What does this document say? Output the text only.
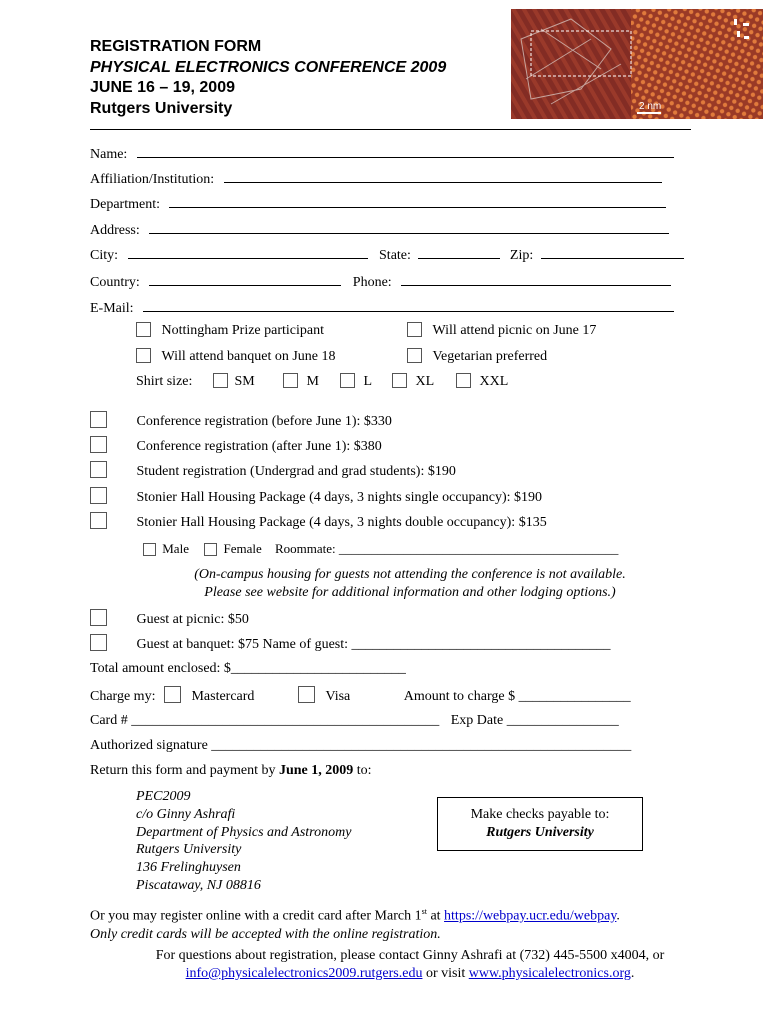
REGISTRATION FORM
PHYSICAL ELECTRONICS CONFERENCE 2009
JUNE 16 – 19, 2009
Rutgers University	2 nm
Name:
Affiliation/Institution:
Department:
Address:
City:	State:	Zip:
Country:	Phone:
E-Mail:
Nottingham Prize participant	Will attend picnic on June 17
Will attend banquet on June 18	Vegetarian preferred
Shirt size:	SM	M	L	XL	XXL
Conference registration (before June 1): $330
Conference registration (after June 1): $380
Student registration (Undergrad and grad students): $190
Stonier Hall Housing Package (4 days, 3 nights single occupancy): $190
Stonier Hall Housing Package (4 days, 3 nights double occupancy): $135
Male	Female Roommate: ___________________________________________
(On-campus housing for guests not attending the conference is not available.
Please see website for additional information and other lodging options.)
Guest at picnic: $50
Guest at banquet: $75 Name of guest: _____________________________________
Total amount enclosed: $_________________________
Charge my:	Mastercard	Visa	Amount to charge $ ________________
Card # ____________________________________________ Exp Date ________________
Authorized signature ____________________________________________________________
Return this form and payment by June 1, 2009 to:
PEC2009
c/o Ginny Ashrafi
Department of Physics and Astronomy
Rutgers University
136 Frelinghuysen
Piscataway, NJ 08816
Make checks payable to:
Rutgers University
Or you may register online with a credit card after March 1st at https://webpay.ucr.edu/webpay.
Only credit cards will be accepted with the online registration.
For questions about registration, please contact Ginny Ashrafi at (732) 445-5500 x4004, or
info@physicalelectronics2009.rutgers.edu or visit www.physicalelectronics.org.
